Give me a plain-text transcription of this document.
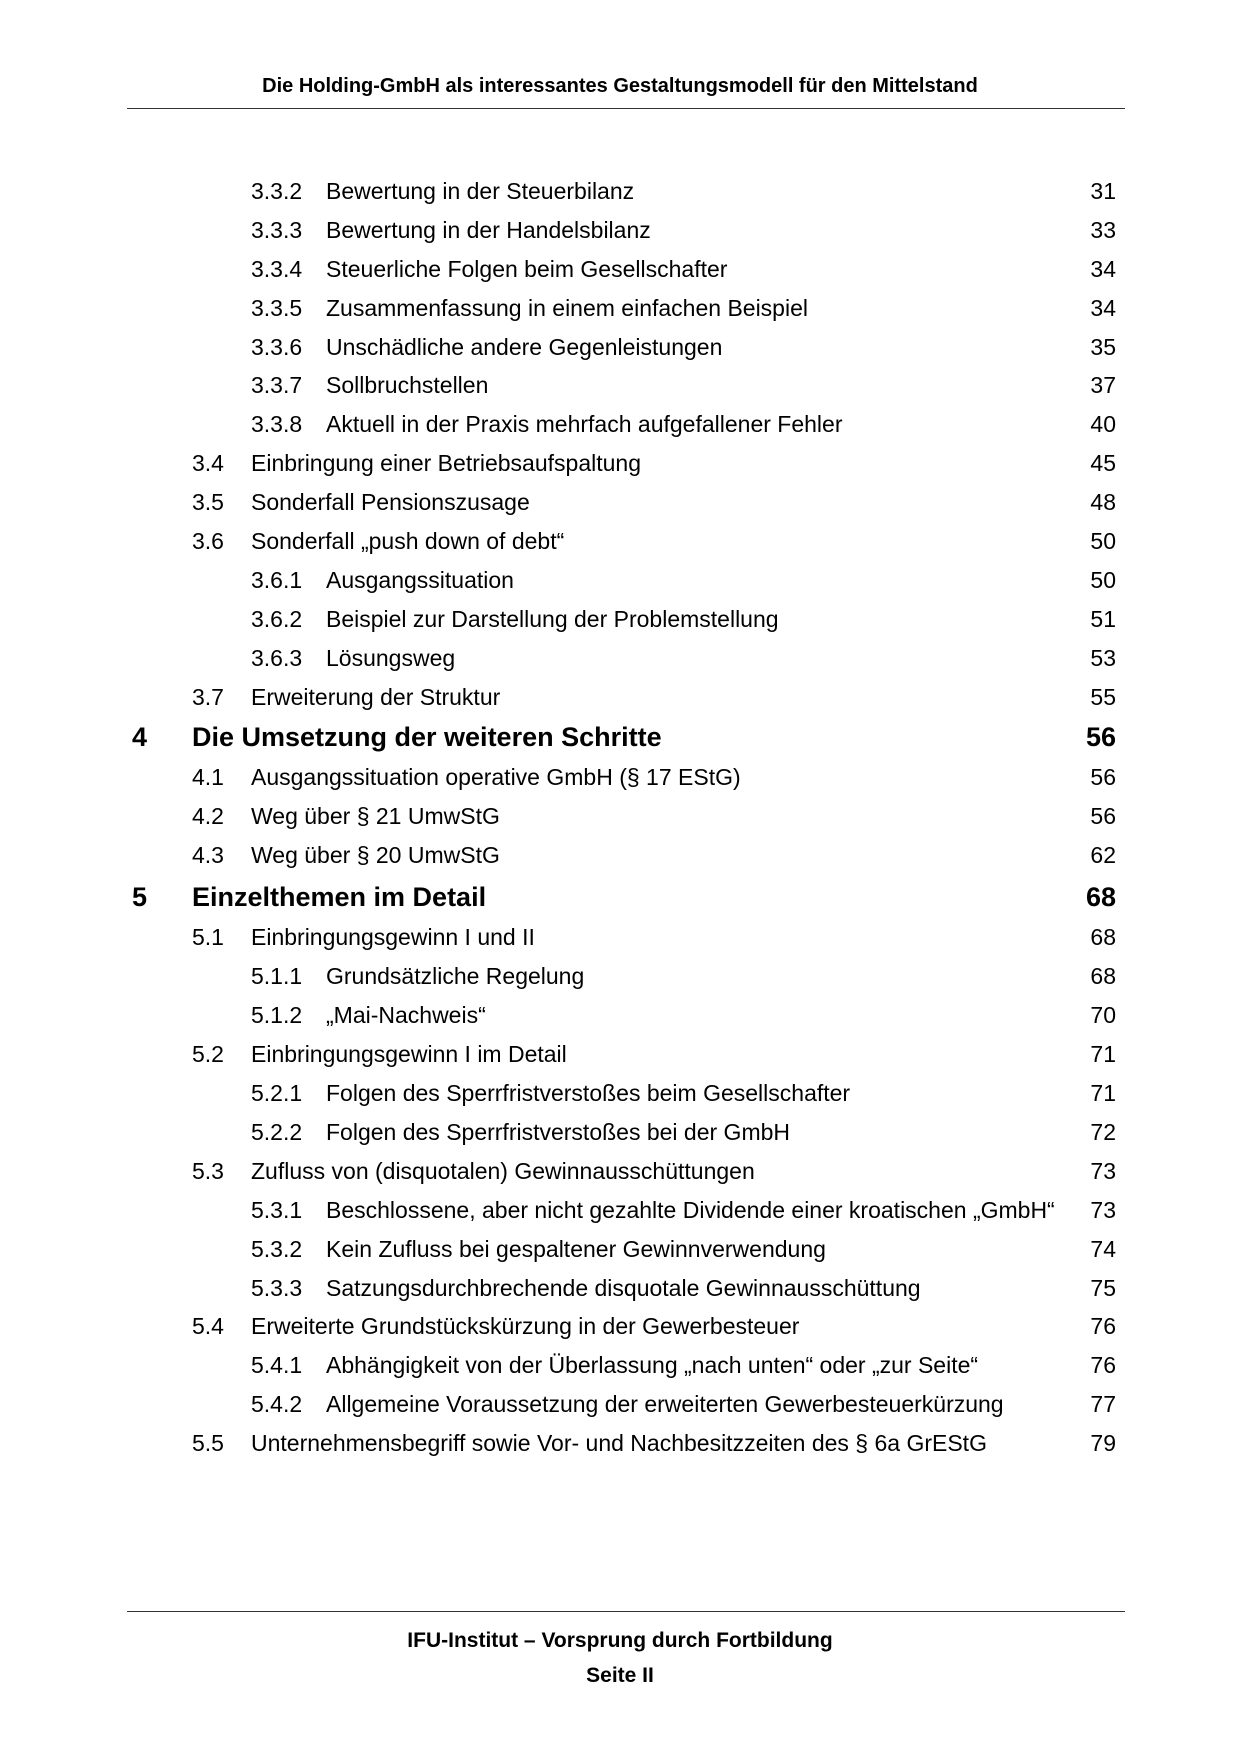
Die Holding-GmbH als interessantes Gestaltungsmodell für den Mittelstand
3.3.2 Bewertung in der Steuerbilanz	31
3.3.3 Bewertung in der Handelsbilanz	33
3.3.4 Steuerliche Folgen beim Gesellschafter	34
3.3.5 Zusammenfassung in einem einfachen Beispiel	34
3.3.6 Unschädliche andere Gegenleistungen	35
3.3.7 Sollbruchstellen	37
3.3.8 Aktuell in der Praxis mehrfach aufgefallener Fehler	40
3.4 Einbringung einer Betriebsaufspaltung	45
3.5 Sonderfall Pensionszusage	48
3.6 Sonderfall „push down of debt“	50
3.6.1 Ausgangssituation	50
3.6.2 Beispiel zur Darstellung der Problemstellung	51
3.6.3 Lösungsweg	53
3.7 Erweiterung der Struktur	55
4 Die Umsetzung der weiteren Schritte	56
4.1 Ausgangssituation operative GmbH (§ 17 EStG)	56
4.2 Weg über § 21 UmwStG	56
4.3 Weg über § 20 UmwStG	62
5 Einzelthemen im Detail	68
5.1 Einbringungsgewinn I und II	68
5.1.1 Grundsätzliche Regelung	68
5.1.2 „Mai-Nachweis“	70
5.2 Einbringungsgewinn I im Detail	71
5.2.1 Folgen des Sperrfristverstoßes beim Gesellschafter	71
5.2.2 Folgen des Sperrfristverstoßes bei der GmbH	72
5.3 Zufluss von (disquotalen) Gewinnausschüttungen	73
5.3.1 Beschlossene, aber nicht gezahlte Dividende einer kroatischen „GmbH“ 73
5.3.2 Kein Zufluss bei gespaltener Gewinnverwendung	74
5.3.3 Satzungsdurchbrechende disquotale Gewinnausschüttung	75
5.4 Erweiterte Grundstückskürzung in der Gewerbesteuer	76
5.4.1 Abhängigkeit von der Überlassung „nach unten“ oder „zur Seite“	76
5.4.2 Allgemeine Voraussetzung der erweiterten Gewerbesteuerkürzung	77
5.5 Unternehmensbegriff sowie Vor- und Nachbesitzzeiten des § 6a GrEStG	79
IFU-Institut – Vorsprung durch Fortbildung
Seite II
